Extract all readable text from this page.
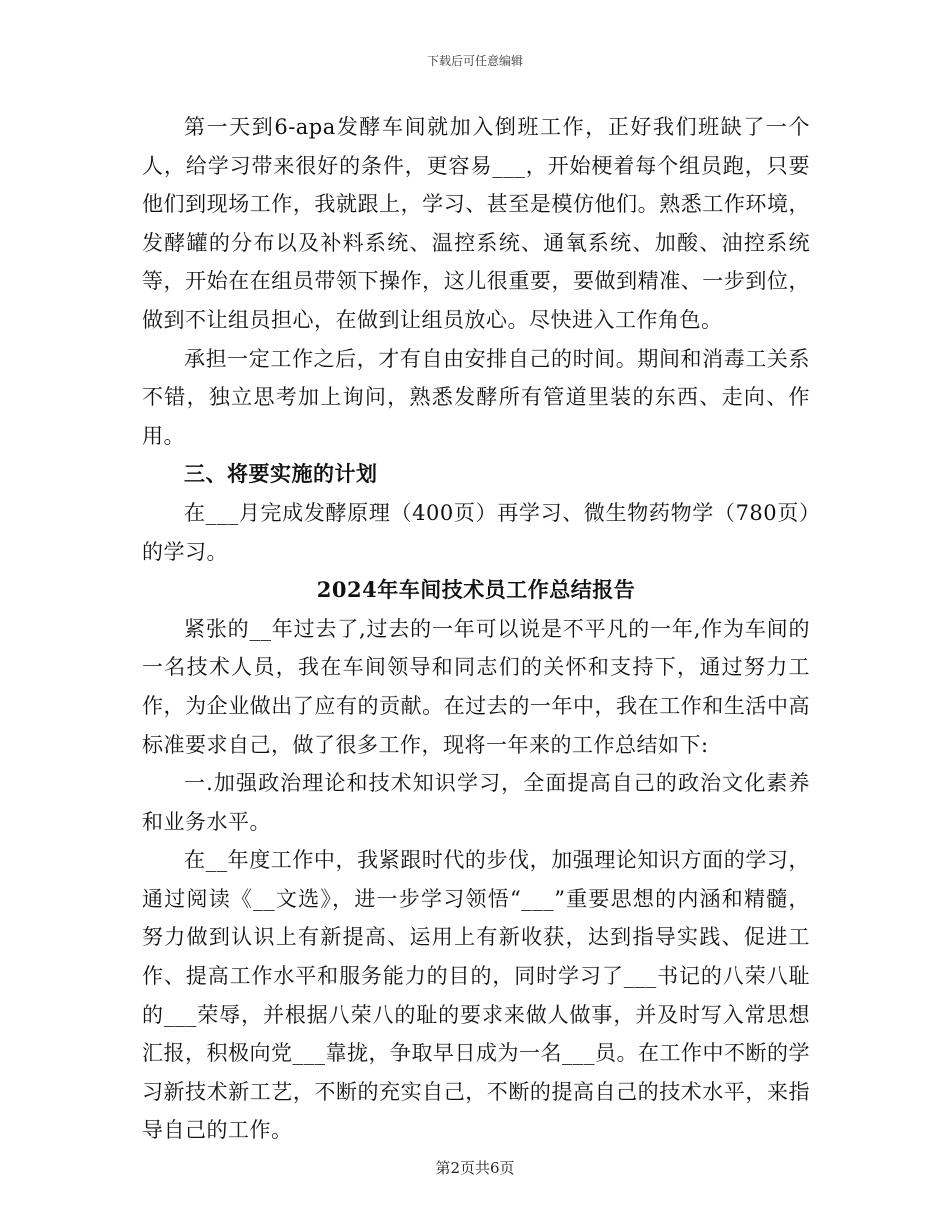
下载后可任意编辑

第一天到6-apa发酵车间就加入倒班工作，正好我们班缺了一个人，给学习带来很好的条件，更容易___，开始梗着每个组员跑，只要他们到现场工作，我就跟上，学习、甚至是模仿他们。熟悉工作环境，发酵罐的分布以及补料系统、温控系统、通氧系统、加酸、油控系统等，开始在在组员带领下操作，这儿很重要，要做到精准、一步到位，做到不让组员担心，在做到让组员放心。尽快进入工作角色。

承担一定工作之后，才有自由安排自己的时间。期间和消毒工关系不错，独立思考加上询问，熟悉发酵所有管道里装的东西、走向、作用。

三、将要实施的计划

在___月完成发酵原理（400页）再学习、微生物药物学（780页）的学习。

2024年车间技术员工作总结报告

紧张的__年过去了,过去的一年可以说是不平凡的一年,作为车间的一名技术人员，我在车间领导和同志们的关怀和支持下，通过努力工作，为企业做出了应有的贡献。在过去的一年中，我在工作和生活中高标准要求自己，做了很多工作，现将一年来的工作总结如下:

一.加强政治理论和技术知识学习，全面提高自己的政治文化素养和业务水平。

在__年度工作中，我紧跟时代的步伐，加强理论知识方面的学习，通过阅读《__文选》，进一步学习领悟“___”重要思想的内涵和精髓，努力做到认识上有新提高、运用上有新收获，达到指导实践、促进工作、提高工作水平和服务能力的目的，同时学习了___书记的八荣八耻的___荣辱，并根据八荣八的耻的要求来做人做事，并及时写入常思想汇报，积极向党___靠拢，争取早日成为一名___员。在工作中不断的学习新技术新工艺，不断的充实自己，不断的提高自己的技术水平，来指导自己的工作。

第2页共6页
